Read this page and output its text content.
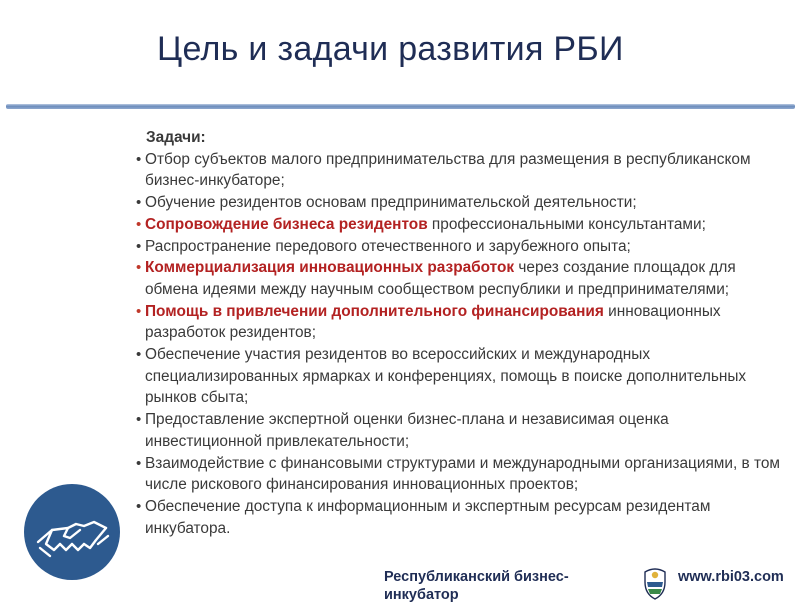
Цель и задачи развития РБИ
Задачи:
• Отбор субъектов малого предпринимательства для размещения в республиканском бизнес-инкубаторе;
• Обучение резидентов основам предпринимательской деятельности;
• Сопровождение бизнеса резидентов профессиональными консультантами;
• Распространение передового отечественного и зарубежного опыта;
• Коммерциализация инновационных разработок через создание площадок для обмена идеями между научным сообществом республики и предпринимателями;
• Помощь в привлечении дополнительного финансирования инновационных разработок резидентов;
• Обеспечение участия резидентов во всероссийских и международных специализированных ярмарках и конференциях, помощь в поиске дополнительных рынков сбыта;
• Предоставление экспертной оценки бизнес-плана и независимая оценка инвестиционной привлекательности;
• Взаимодействие с финансовыми структурами и международными организациями, в том числе рискового финансирования инновационных проектов;
• Обеспечение доступа к информационным и экспертным ресурсам резидентам инкубатора.
Республиканский бизнес-инкубатор
www.rbi03.com
